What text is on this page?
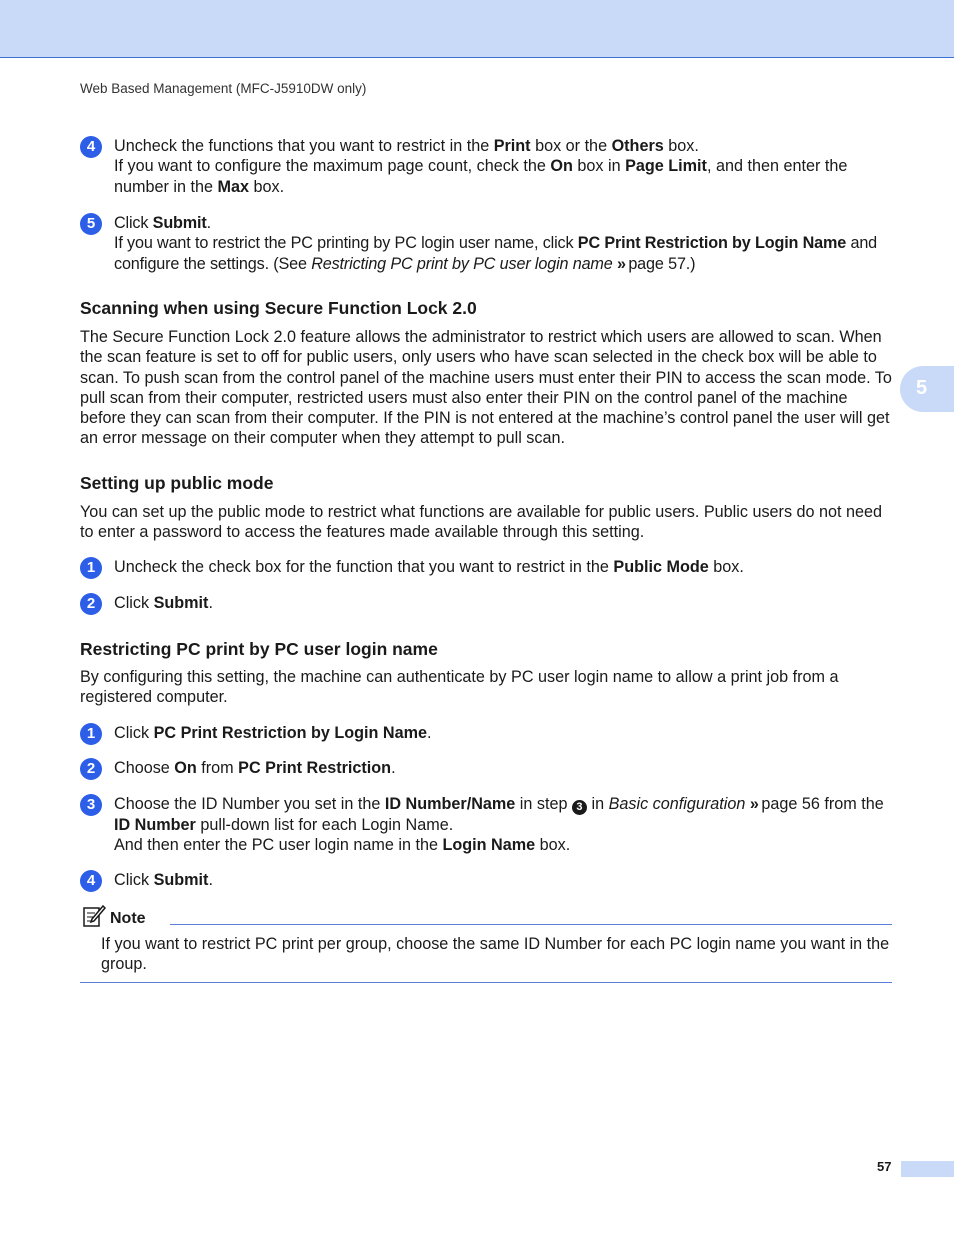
Web Based Management (MFC-J5910DW only)
5
4	Uncheck the functions that you want to restrict in the Print box or the Others box.

If you want to configure the maximum page count, check the On box in Page Limit, and then enter the number in the Max box.

5	Click Submit.

If you want to restrict the PC printing by PC login user name, click PC Print Restriction by Login Name and configure the settings. (See Restricting PC print by PC user login name » page 57.)

Scanning when using Secure Function Lock 2.0

The Secure Function Lock 2.0 feature allows the administrator to restrict which users are allowed to scan. When the scan feature is set to off for public users, only users who have scan selected in the check box will be able to scan. To push scan from the control panel of the machine users must enter their PIN to access the scan mode. To pull scan from their computer, restricted users must also enter their PIN on the control panel of the machine before they can scan from their computer. If the PIN is not entered at the machine’s control panel the user will get an error message on their computer when they attempt to pull scan.

Setting up public mode

You can set up the public mode to restrict what functions are available for public users. Public users do not need to enter a password to access the features made available through this setting.

1	Uncheck the check box for the function that you want to restrict in the Public Mode box.
2	Click Submit.
Restricting PC print by PC user login name

By configuring this setting, the machine can authenticate by PC user login name to allow a print job from a registered computer.

1	Click PC Print Restriction by Login Name.
2	Choose On from PC Print Restriction.
3	Choose the ID Number you set in the ID Number/Name in step 3 in Basic configuration » page 56 from the ID Number pull-down list for each Login Name.

And then enter the PC user login name in the Login Name box.

4	Click Submit.
Note

If you want to restrict PC print per group, choose the same ID Number for each PC login name you want in the group.

57
